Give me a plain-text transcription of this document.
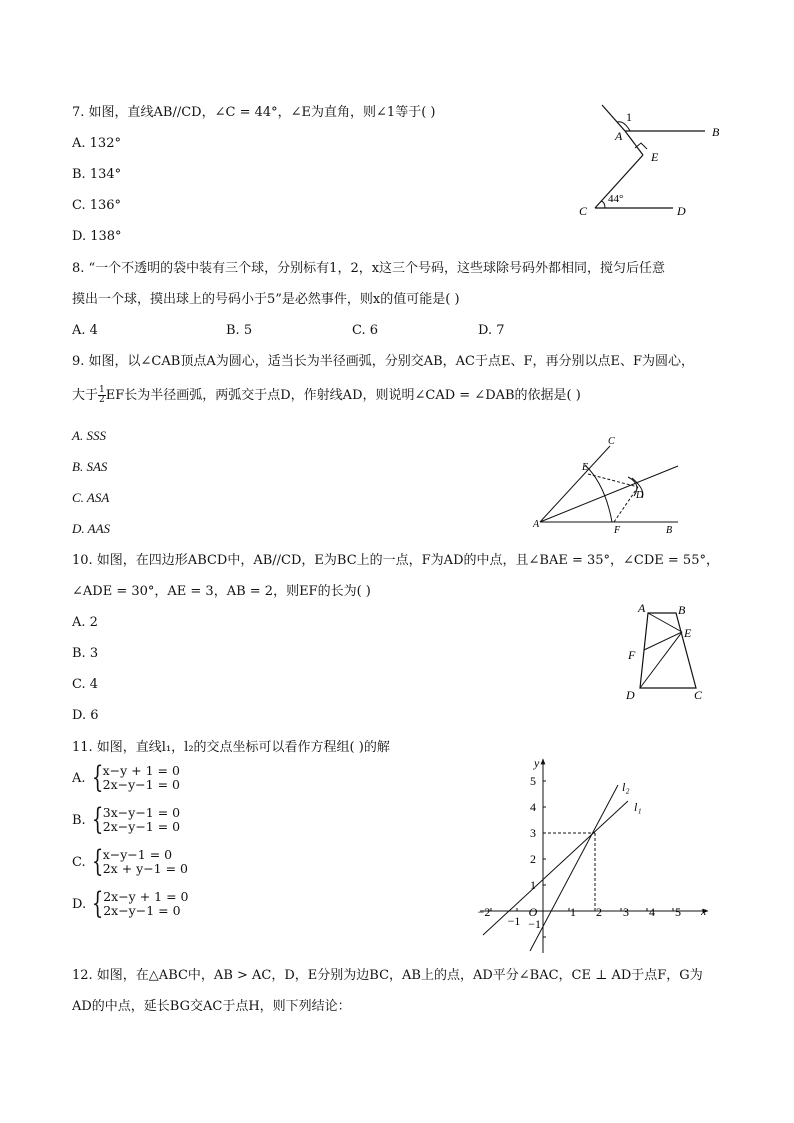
7. 如图，直线AB//CD，∠C = 44°，∠E为直角，则∠1等于( )
A. 132°
B. 134°
C. 136°
D. 138°
1
A	B
E
C	D
44°
8. “一个不透明的袋中装有三个球，分别标有1，2，x这三个号码，这些球除号码外都相同，搅匀后任意
摸出一个球，摸出球上的号码小于5”是必然事件，则x的值可能是( )
A. 4	B. 5	C. 6	D. 7
9. 如图，以∠CAB顶点A为圆心，适当长为半径画弧，分别交AB，AC于点E、F，再分别以点E、F为圆心，
大于 $\frac{1}{2}$ EF长为半径画弧，两弧交于点D，作射线AD，则说明∠CAD = ∠DAB的依据是( )
A. SSS
B. SAS
C. ASA
D. AAS
C
E
D
A
F	B
10. 如图，在四边形ABCD中，AB//CD，E为BC上的一点，F为AD的中点，且∠BAE = 35°，∠CDE = 55°，
∠ADE = 30°，AE = 3，AB = 2，则EF的长为( )
A. 2
B. 3
C. 4
D. 6
A	B
E
F
D	C
11. 如图，直线l₁，l₂的交点坐标可以看作方程组( )的解
A. { x−y + 1 = 0
2x−y−1 = 0
B. { 3x−y−1 = 0
2x−y−1 = 0
C. { x−y−1 = 0
2x + y−1 = 0
D. { 2x−y + 1 = 0
2x−y−1 = 0	−2
−1
1 2 3 4 5
5
4
3
2
1
−1
O	x
y
l₂
l₁
12. 如图，在△ABC中，AB > AC，D，E分别为边BC，AB上的点，AD平分∠BAC，CE ⊥ AD于点F，G为
AD的中点，延长BG交AC于点H，则下列结论：
